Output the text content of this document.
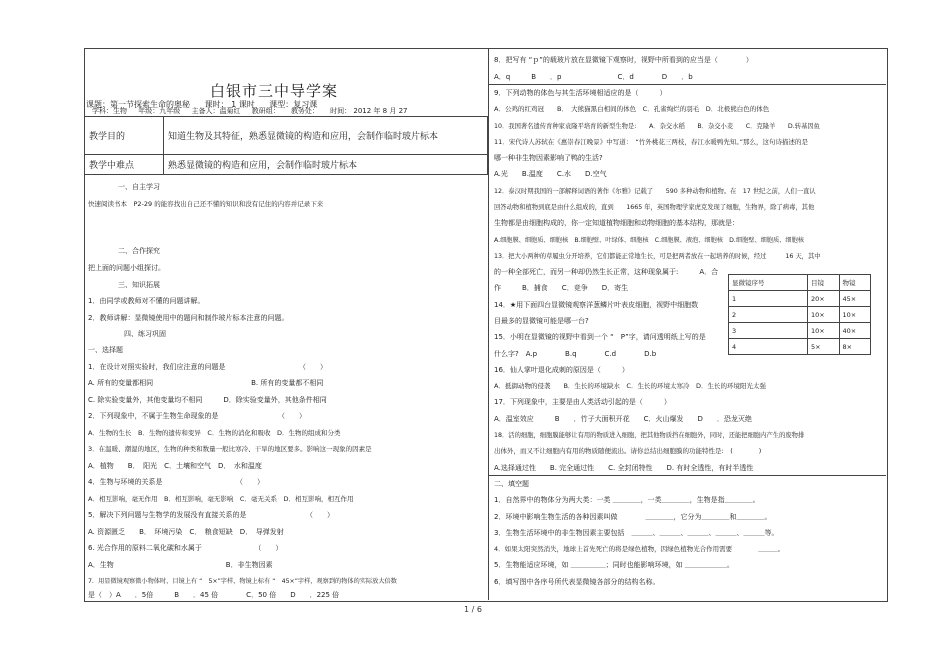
白银市三中导学案
课题：第一节探索生命的奥秘 课时： 1 课时 课型：复习课
学科：生物 年级：九年级 主备人：温菊红 教研组： 教务处： 时间： 2012 年 8 月 27
教学目的	知道生物及其特征，熟悉显微镜的构造和应用，会制作临时玻片标本
教学中难点	熟悉显微镜的构造和应用，会制作临时玻片标本
一、自主学习
快速阅读书本　P2-29 的能容找出自己还不懂的知识和没有记住的内容并记录下来
二、合作探究
把上面的问题小组探讨。
三、知识拓展
1．由同学或教师对不懂的问题讲解。
2．教师讲解：显微镜使用中的题问和制作玻片标本注意的问题。
四、练习巩固
一、选择题
1．在设计对照实验时，我们应注意的问题是　　　　　　　　　　　（　　）
A. 所有的变量都相同　　　　　　　　　　　　　　B. 所有的变量都不相同
C. 除实验变量外，其他变量均不相同　　　D．除实验变量外，其他条件相同
2．下列现象中，不属于生物生命现象的是　　　　　　　　　（　　）
A．生物的生长　B．生物的遗传和变异　C．生物的消化和吸收　D．生物的组成和分类
3．在温暖、潮湿的地区，生物的种类和数量一般比寒冷、干旱的地区要多。影响这一现象的因素是
A．植物　　B．　阳光　C．土壤和空气　D．　水和温度
4．生物与环境的关系是　　　　　　　　　　　（　　）
A．相互影响，毫无作用　B．相互影响，毫无影响　C．毫无关系　D．相互影响，相互作用
5．解决下列问题与生物学的发展没有直接关系的是　　　　　　　　　（　　）
A. 资源匮乏　　B．　环境污染　C．　粮食短缺　D．　导弹发射
6. 光合作用的原料二氧化碳和水属于　　　　　　　　（　　）
A．生物　　　　　　　　　　　　　　　　B．非生物因素
7．用显微镜观察微小物体时，目镜上有 “　5×”字样，物镜上标有 “　45×”字样，观察到的物体的实际放大倍数
是（　）A　　．5倍　　　B　　．45 倍　　　　C．50 倍　　D　　．225 倍
8．把写有 “ｐ”的载玻片放在显微镜下观察时，视野中所看到的应当是（　　　　）
A．q　　　B　　．p　　　　　　　　C．d　　　　D　　．b
9．下列动物的体色与其生活环境相适应的是（　　　）
A．公鸡的红鸡冠　　B．　大熊猫黑白相间的体色　C．孔雀绚烂的羽毛　D．北极熊白色的体色
10．我国著名遗传育种家袁隆平培育的新型生物是:　　A．杂交水稻　　B．杂交小麦　　C．克隆羊　　D.转基因鱼
11．宋代诗人苏轼在《惠崇春江晚景》中写道：　“竹外桃花三两枝，春江水暖鸭先知。”那么，这句诗描述的是
哪一种非生物因素影响了鸭的生活?
A.光　　B.温度　　C.水　　D.空气
12．泰汉时期我国的一部解释词语的著作《尔雅》记载了　　590 多种动物和植物。在　17 世纪之前，人们一直认
回答动物和植物到底是由什么组成的，直到　　1665 年，英国物理学家虎克发现了细胞，生物界，除了病毒，其他
生物都是由细胞构成的，你一定知道植物细胞和动物细胞的基本结构，那就是：
A.细胞膜、细胞质、细胞核　B.细胞壁、叶绿体、细胞核　C.细胞膜、液泡、细胞核　D.细胞壁、细胞质、细胞核
13．把大小两种的草履虫分开培养，它们都能正常地生长，可是把两者放在一起培养的时候，经过　　　16 天，其中
的一种全部死亡，而另一种却仍然生长正常，这种现象属于:　　　A．合
作　　　B．捕食　　C．竞争　　D．寄生
14．★用下面四台显微镜观察洋葱鳞片叶表皮细胞，视野中细胞数
目最多的显微镜可能是哪一台?
15．小明在显微镜的视野中看到一个 “　P”字，请问透明纸上写的是
什么字?　A.p　　　　B.q　　　　C.d　　　　D.b
16．仙人掌叶退化成刺的原因是（　　　）
A．抵御动物的侵袭　　B．生长的环境缺水　C．生长的环境太寒冷　D．生长的环境阳光太强
17．下列现象中，主要是由人类活动引起的是（　　　）
A．温室效应　　　B　　．竹子大面积开花　　C．火山爆发　　D　　．恐龙灭绝
18．活的细胞，细胞膜能够让有用的物质进入细胞，把其他物质挡在细胞外，同时，还能把细胞内产生的废物排
出体外，而又不让细胞内有用的物质随便流出。请你总结出细胞膜的功能特性是:　(　　　　)
A.选择通过性　　B. 完全通过性　　C. 全封闭特性　　D. 有时全透性，有时半透性
二、填空题
1．自然界中的物体分为两大类：一类 ＿＿＿＿，一类＿＿＿＿，生物是指＿＿＿＿。
2．环境中影响生物生活的各种因素叫做　　　　＿＿＿＿，它分为＿＿＿＿和＿＿＿＿。
3．生物生活环境中的非生物因素主要包括　＿＿＿、＿＿＿、＿＿＿、＿＿＿、＿＿＿等。
4．如果太阳突然消失，地球上首先死亡的将是绿色植物，因绿色植物光合作用需要　　　　＿＿＿。
5．生物能适应环境，如 ＿＿＿＿＿；同时也能影响环境，如 ＿＿＿＿＿＿。
6．填写图中各序号所代表显微镜各部分的结构名称。
显微镜序号	目镜	物镜
1	20×	45×
2	10×	10×
3	10×	40×
4	5×	8×
1 / 6
